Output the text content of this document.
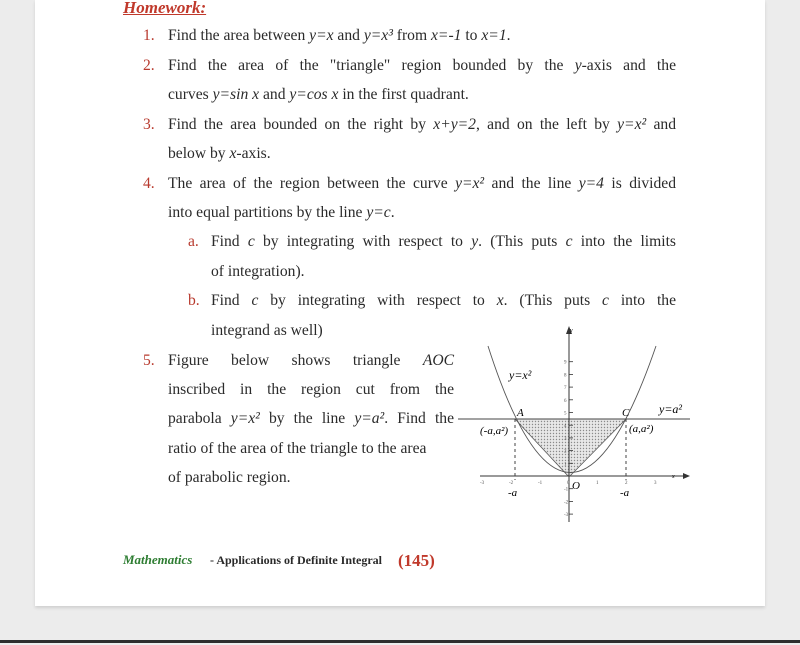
Homework:
1. Find the area between y=x and y=x³ from x=-1 to x=1.
2. Find the area of the "triangle" region bounded by the y-axis and the
curves y=sin x and y=cos x in the first quadrant.
3. Find the area bounded on the right by x+y=2, and on the left by y=x² and
below by x-axis.
4. The area of the region between the curve y=x² and the line y=4 is divided
into equal partitions by the line y=c.
5. Figure below shows triangle AOC
inscribed in the region cut from the
parabola y=x² by the line y=a². Find the
ratio of the area of the triangle to the area
of parabolic region.
a. Find c by integrating with respect to y. (This puts c into the limits
of integration).
b. Find c by integrating with respect to x. (This puts c into the
integrand as well)
9
8
7
6
5
4
3
2
1
-1
-2
-3
-3	-2	-1	0	1	2	3
y=x²
y=a²
A	C
O
(-a,a²)	(a,a²)
-a	-a
x
y
Mathematics - Applications of Definite Integral (145)
